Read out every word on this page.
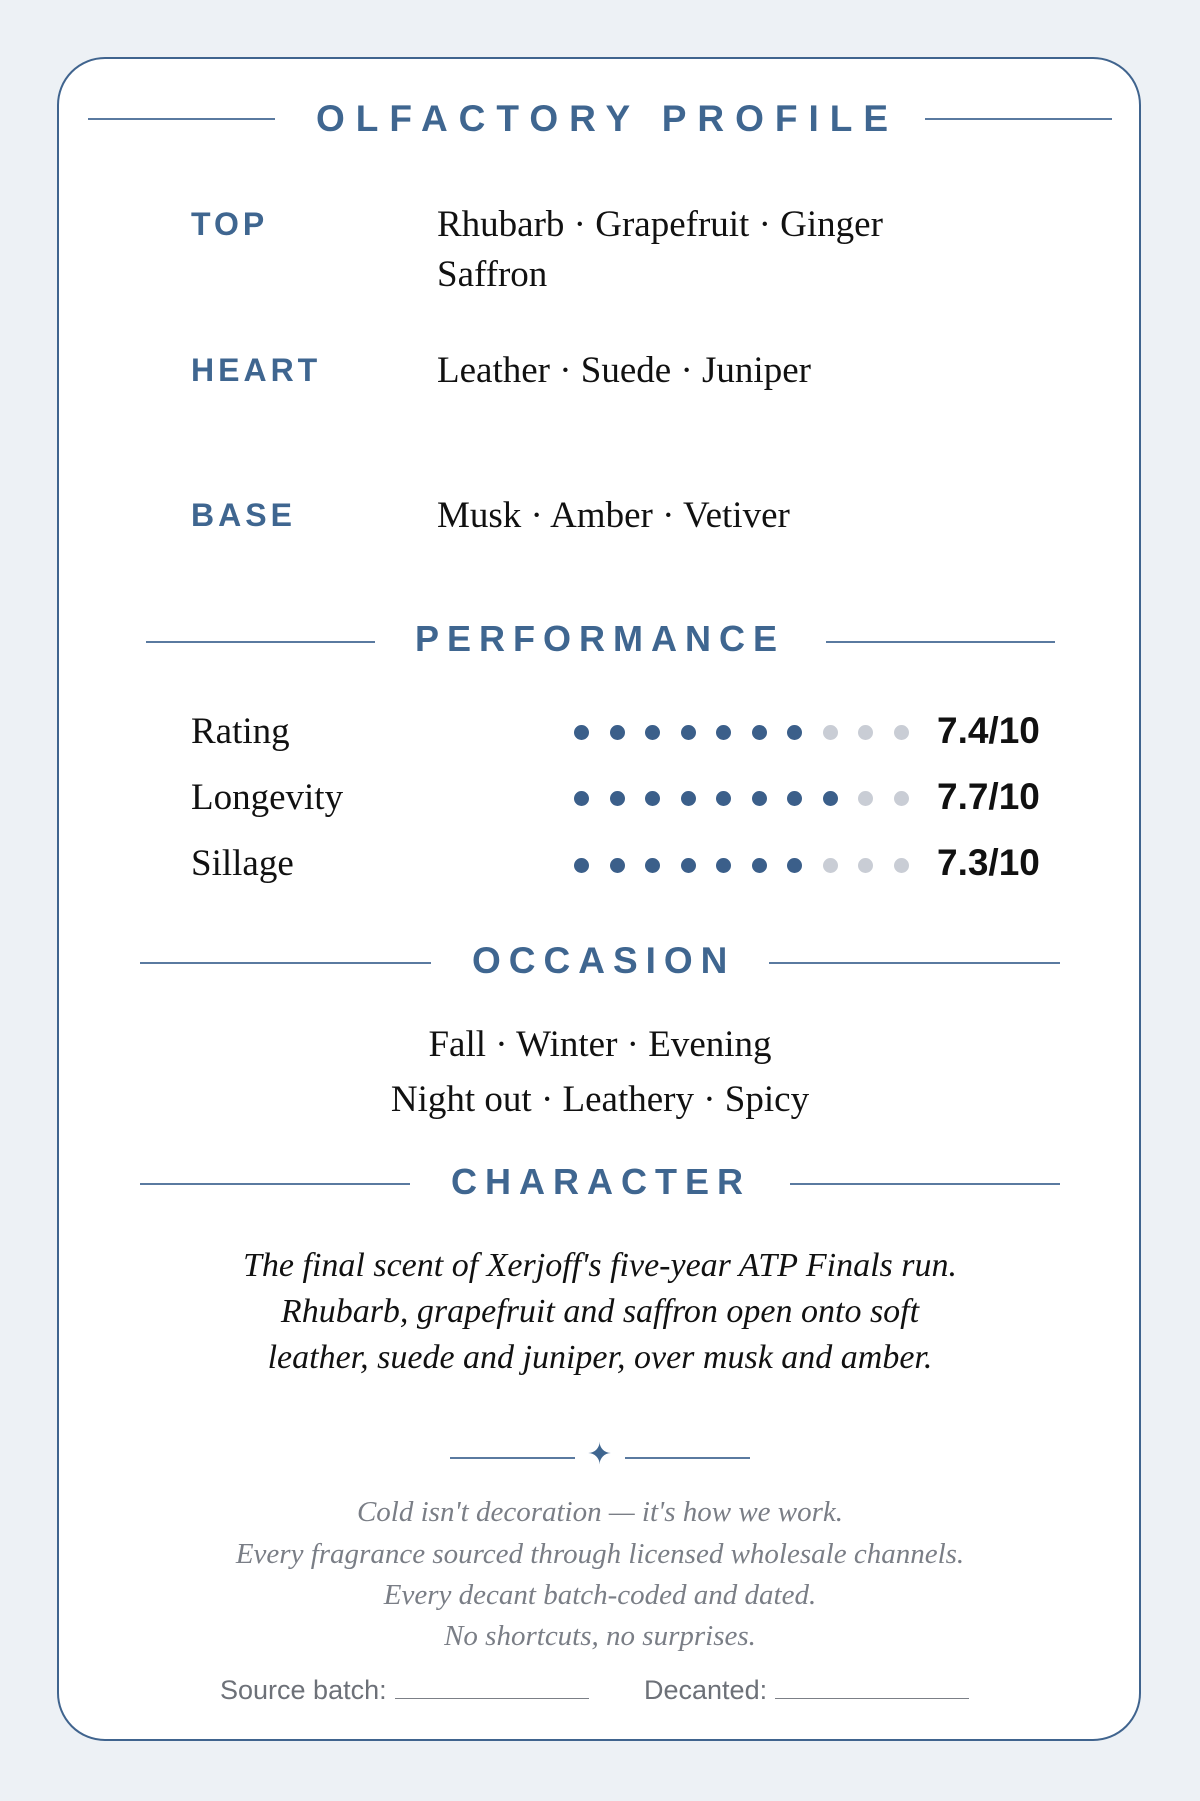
OLFACTORY PROFILE
TOP	Rhubarb · Grapefruit · Ginger
Saffron
HEART	Leather · Suede · Juniper
BASE	Musk · Amber · Vetiver
PERFORMANCE
Rating	7.4/10
Longevity	7.7/10
Sillage	7.3/10
OCCASION
Fall · Winter · Evening
Night out · Leathery · Spicy
CHARACTER
The final scent of Xerjoff's five-year ATP Finals run.
Rhubarb, grapefruit and saffron open onto soft
leather, suede and juniper, over musk and amber.
✦
Cold isn't decoration — it's how we work.
Every fragrance sourced through licensed wholesale channels.
Every decant batch-coded and dated.
No shortcuts, no surprises.
Source batch:	Decanted:
